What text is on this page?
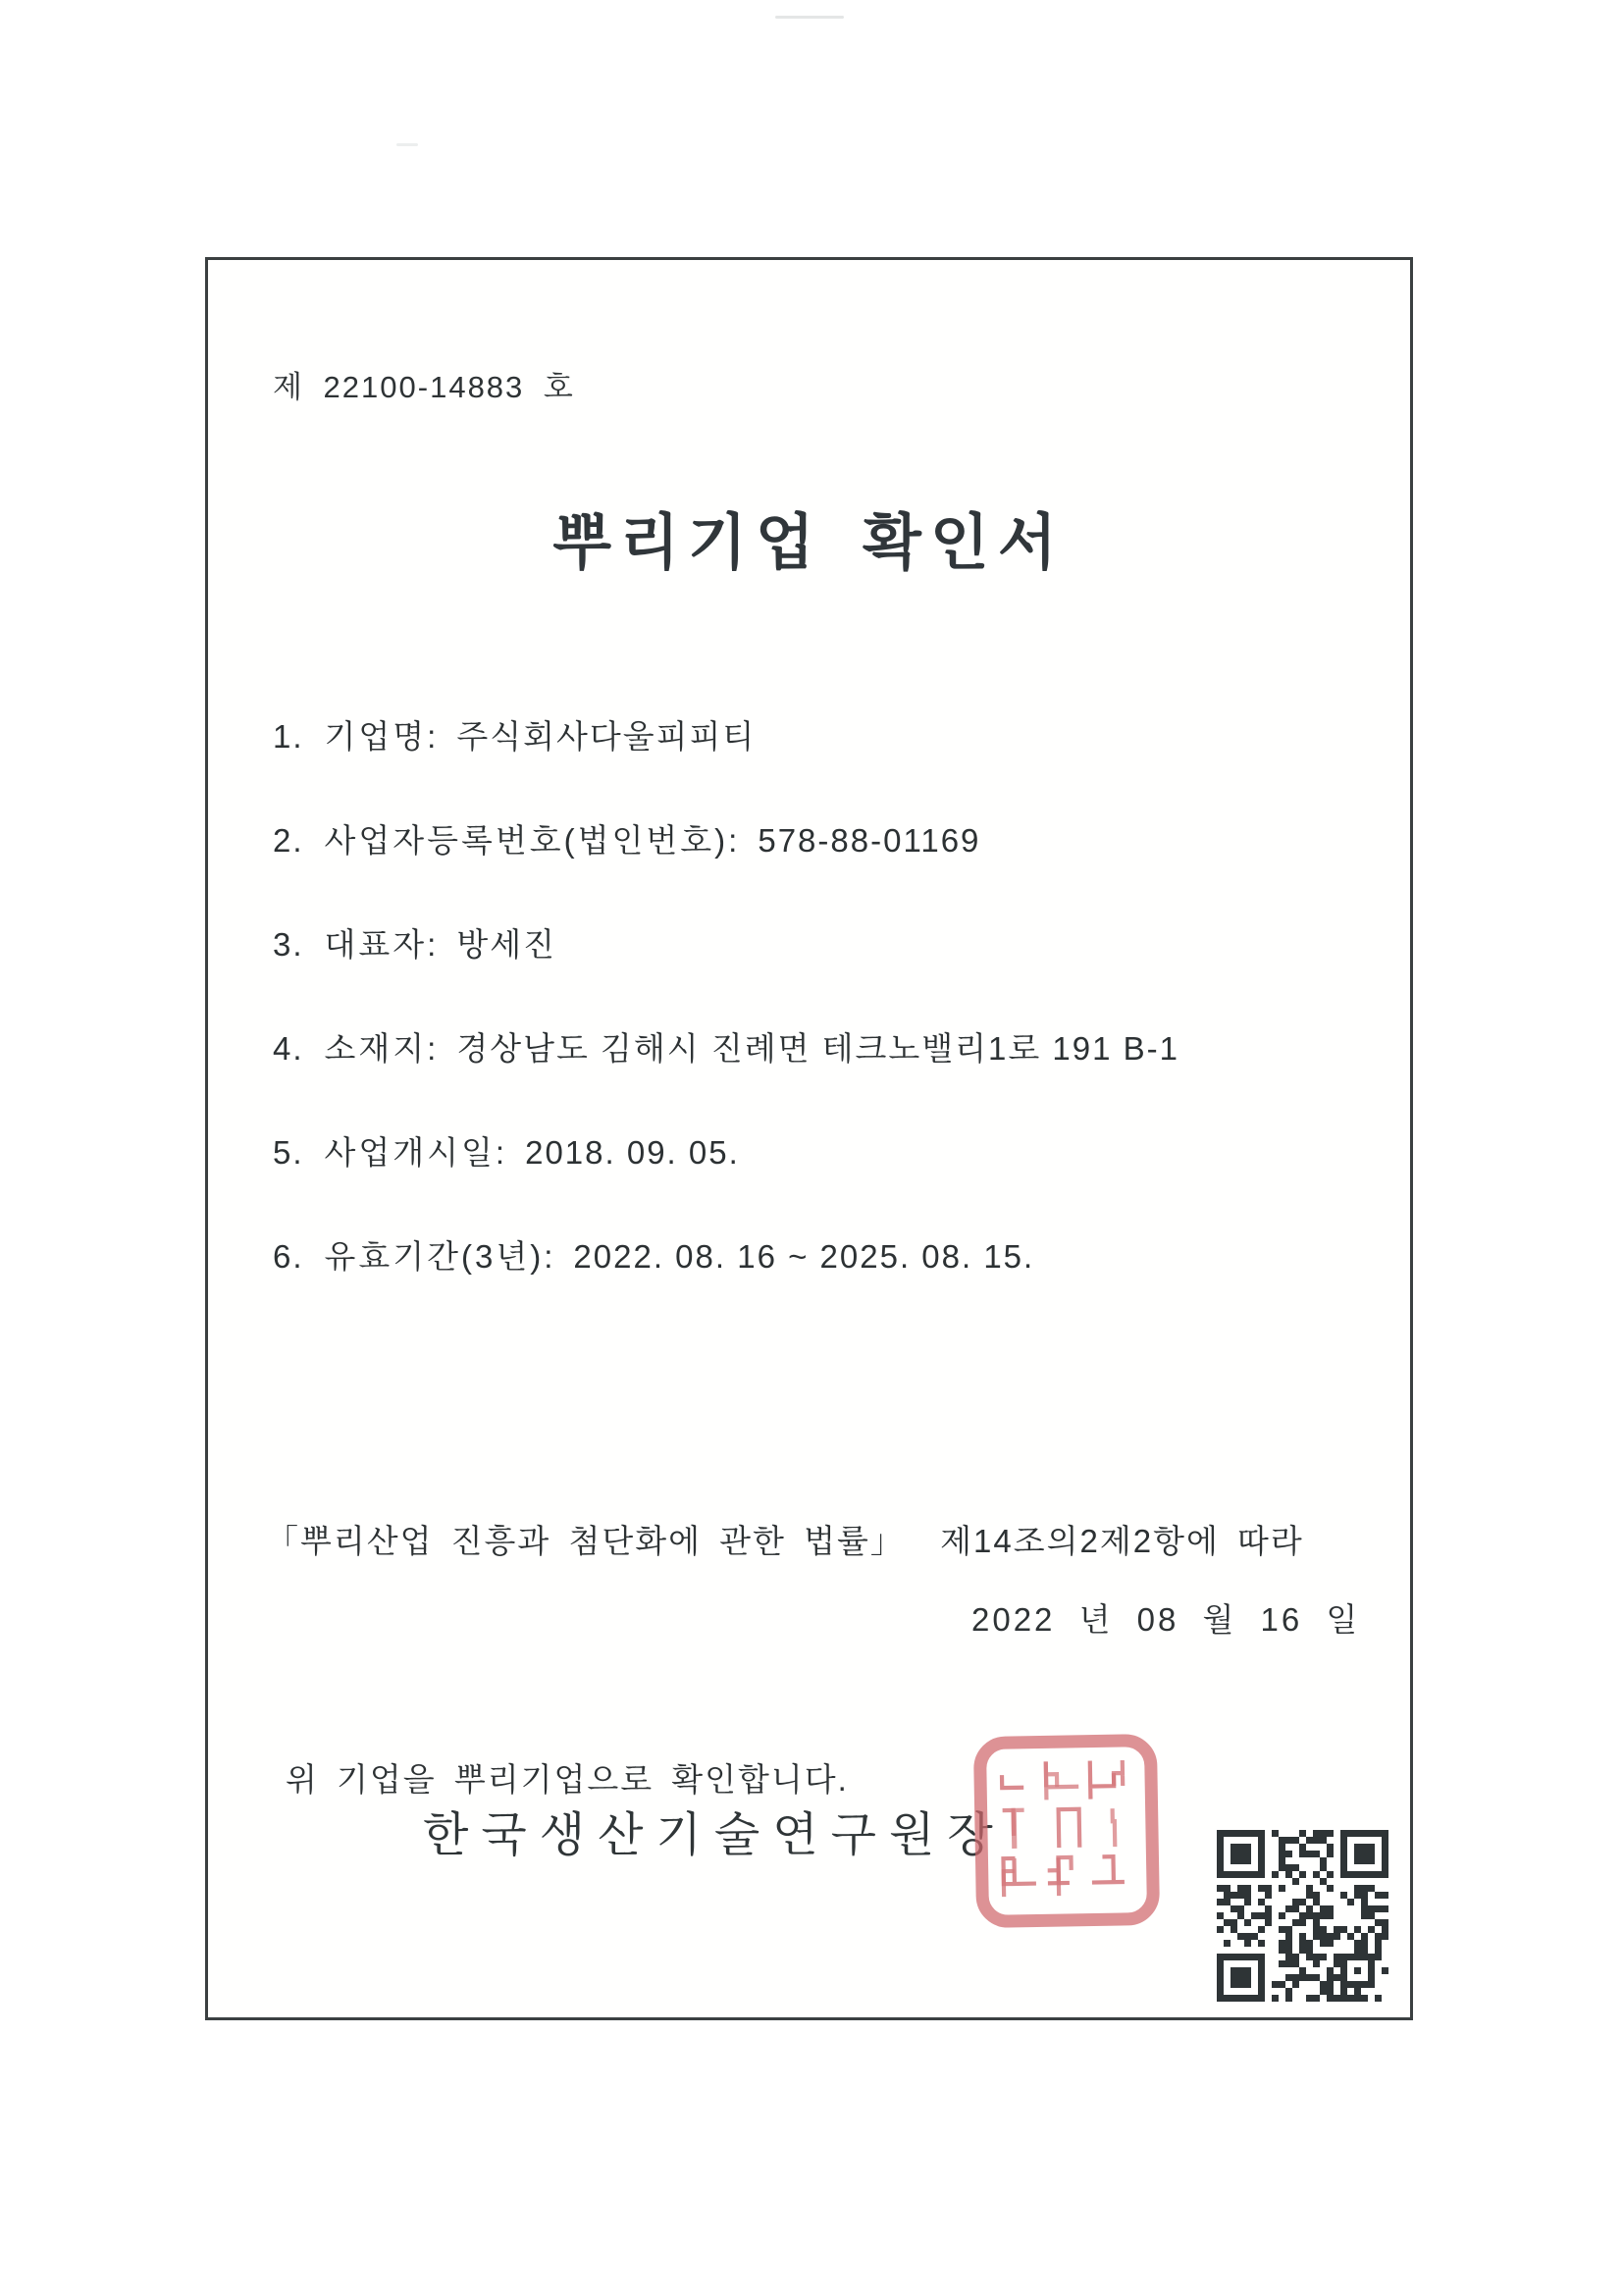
제 22100-14883 호
뿌리기업 확인서
1. 기업명: 주식회사다울피피티
2. 사업자등록번호(법인번호): 578-88-01169
3. 대표자: 방세진
4. 소재지: 경상남도 김해시 진례면 테크노밸리1로 191 B-1
5. 사업개시일: 2018. 09. 05.
6. 유효기간(3년): 2022. 08. 16 ~ 2025. 08. 15.

「뿌리산업 진흥과 첨단화에 관한 법률」  제14조의2제2항에 따라

위 기업을 뿌리기업으로 확인합니다.

2022 년 08 월 16 일
한국생산기술연구원장
